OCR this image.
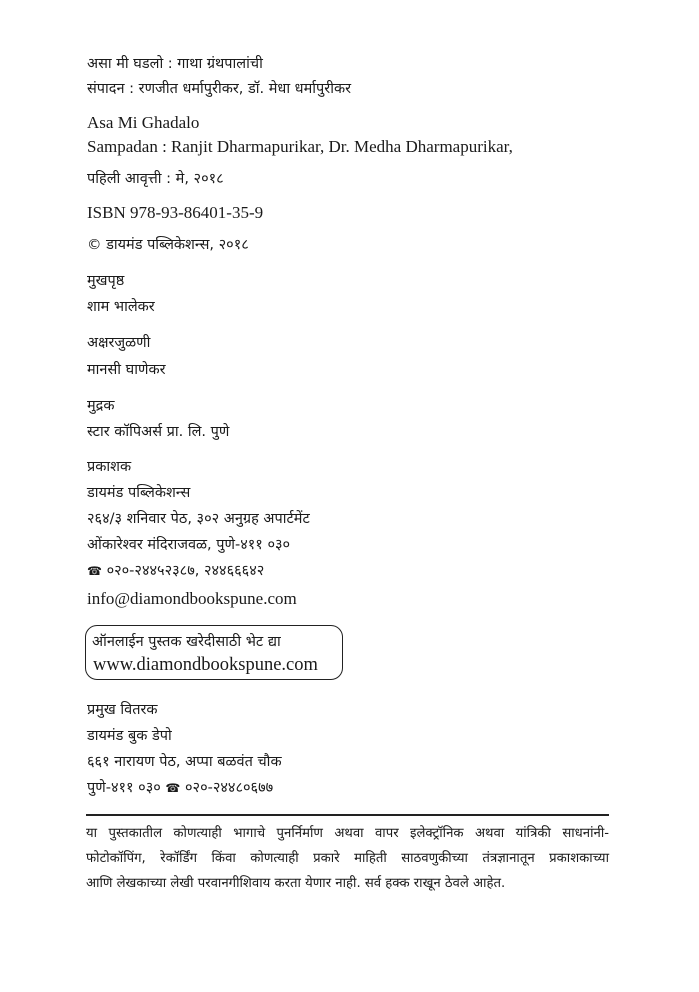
असा मी घडलो : गाथा ग्रंथपालांची
संपादन : रणजीत धर्मापुरीकर, डॉ. मेधा धर्मापुरीकर
Asa Mi Ghadalo
Sampadan : Ranjit Dharmapurikar, Dr. Medha Dharmapurikar,
पहिली आवृत्ती : मे, २०१८
ISBN 978-93-86401-35-9
© डायमंड पब्लिकेशन्स, २०१८
मुखपृष्ठ
शाम भालेकर
अक्षरजुळणी
मानसी घाणेकर
मुद्रक
स्टार कॉपिअर्स प्रा. लि. पुणे
प्रकाशक
डायमंड पब्लिकेशन्स
२६४/३ शनिवार पेठ, ३०२ अनुग्रह अपार्टमेंट
ओंकारेश्वर मंदिराजवळ, पुणे-४११ ०३०
☎ ०२०-२४४५२३८७, २४४६६६४२
info@diamondbookspune.com
ऑनलाईन पुस्तक खरेदीसाठी भेट द्या
www.diamondbookspune.com
प्रमुख वितरक
डायमंड बुक डेपो
६६१ नारायण पेठ, अप्पा बळवंत चौक
पुणे-४११ ०३० ☎ ०२०-२४४८०६७७
या पुस्तकातील कोणत्याही भागाचे पुनर्निर्माण अथवा वापर इलेक्ट्रॉनिक अथवा यांत्रिकी साधनांनी-
फोटोकॉपिंग, रेकॉर्डिंग किंवा कोणत्याही प्रकारे माहिती साठवणुकीच्या तंत्रज्ञानातून प्रकाशकाच्या
आणि लेखकाच्या लेखी परवानगीशिवाय करता येणार नाही. सर्व हक्क राखून ठेवले आहेत.
